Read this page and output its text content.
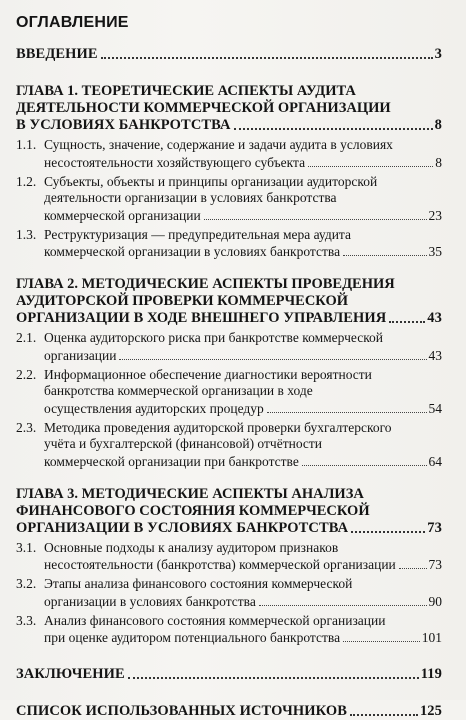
ОГЛАВЛЕНИЕ
ВВЕДЕНИЕ	3
ГЛАВА 1. ТЕОРЕТИЧЕСКИЕ АСПЕКТЫ АУДИТА
ДЕЯТЕЛЬНОСТИ КОММЕРЧЕСКОЙ ОРГАНИЗАЦИИ
В УСЛОВИЯХ БАНКРОТСТВА	8
1.1. Сущность, значение, содержание и задачи аудита в условиях
несостоятельности хозяйствующего субъекта	8
1.2. Субъекты, объекты и принципы организации аудиторской
деятельности организации в условиях банкротства
коммерческой организации	23
1.3. Реструктуризация — предупредительная мера аудита
коммерческой организации в условиях банкротства	35
ГЛАВА 2. МЕТОДИЧЕСКИЕ АСПЕКТЫ ПРОВЕДЕНИЯ
АУДИТОРСКОЙ ПРОВЕРКИ КОММЕРЧЕСКОЙ
ОРГАНИЗАЦИИ В ХОДЕ ВНЕШНЕГО УПРАВЛЕНИЯ	43
2.1. Оценка аудиторского риска при банкротстве коммерческой
организации	43
2.2. Информационное обеспечение диагностики вероятности
банкротства коммерческой организации в ходе
осуществления аудиторских процедур	54
2.3. Методика проведения аудиторской проверки бухгалтерского
учёта и бухгалтерской (финансовой) отчётности
коммерческой организации при банкротстве	64
ГЛАВА 3. МЕТОДИЧЕСКИЕ АСПЕКТЫ АНАЛИЗА
ФИНАНСОВОГО СОСТОЯНИЯ КОММЕРЧЕСКОЙ
ОРГАНИЗАЦИИ В УСЛОВИЯХ БАНКРОТСТВА	73
3.1. Основные подходы к анализу аудитором признаков
несостоятельности (банкротства) коммерческой организации 73
3.2. Этапы анализа финансового состояния коммерческой
организации в условиях банкротства	90
3.3. Анализ финансового состояния коммерческой организации
при оценке аудитором потенциального банкротства	101
ЗАКЛЮЧЕНИЕ	119
СПИСОК ИСПОЛЬЗОВАННЫХ ИСТОЧНИКОВ	125
